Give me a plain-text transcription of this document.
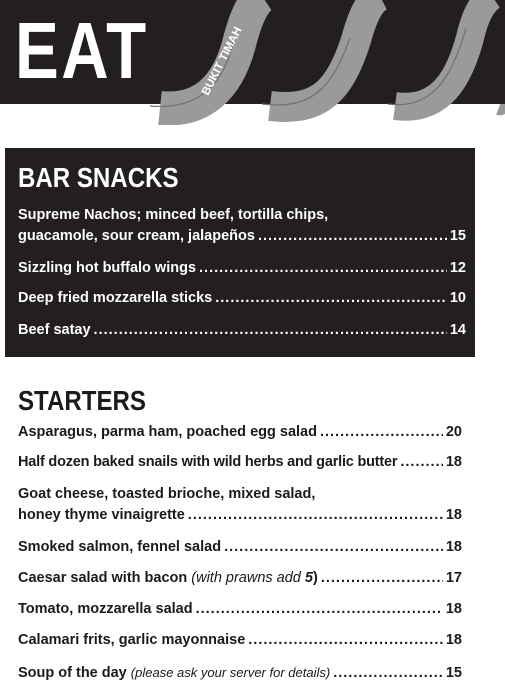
EAT	BUKIT TIMAH
BAR SNACKS
Supreme Nachos; minced beef, tortilla chips,
guacamole, sour cream, jalapeños .....	15
Sizzling hot buffalo wings .....	12
Deep fried mozzarella sticks .....	10
Beef satay .....	14
STARTERS
Asparagus, parma ham, poached egg salad .....	20
Half dozen baked snails with wild herbs and garlic butter .....	18
Goat cheese, toasted brioche, mixed salad,
honey thyme vinaigrette .....	18
Smoked salmon, fennel salad .....	18
Caesar salad with bacon (with prawns add 5) .....	17
Tomato, mozzarella salad .....	18
Calamari frits, garlic mayonnaise .....	18
Soup of the day (please ask your server for details) .....	15
